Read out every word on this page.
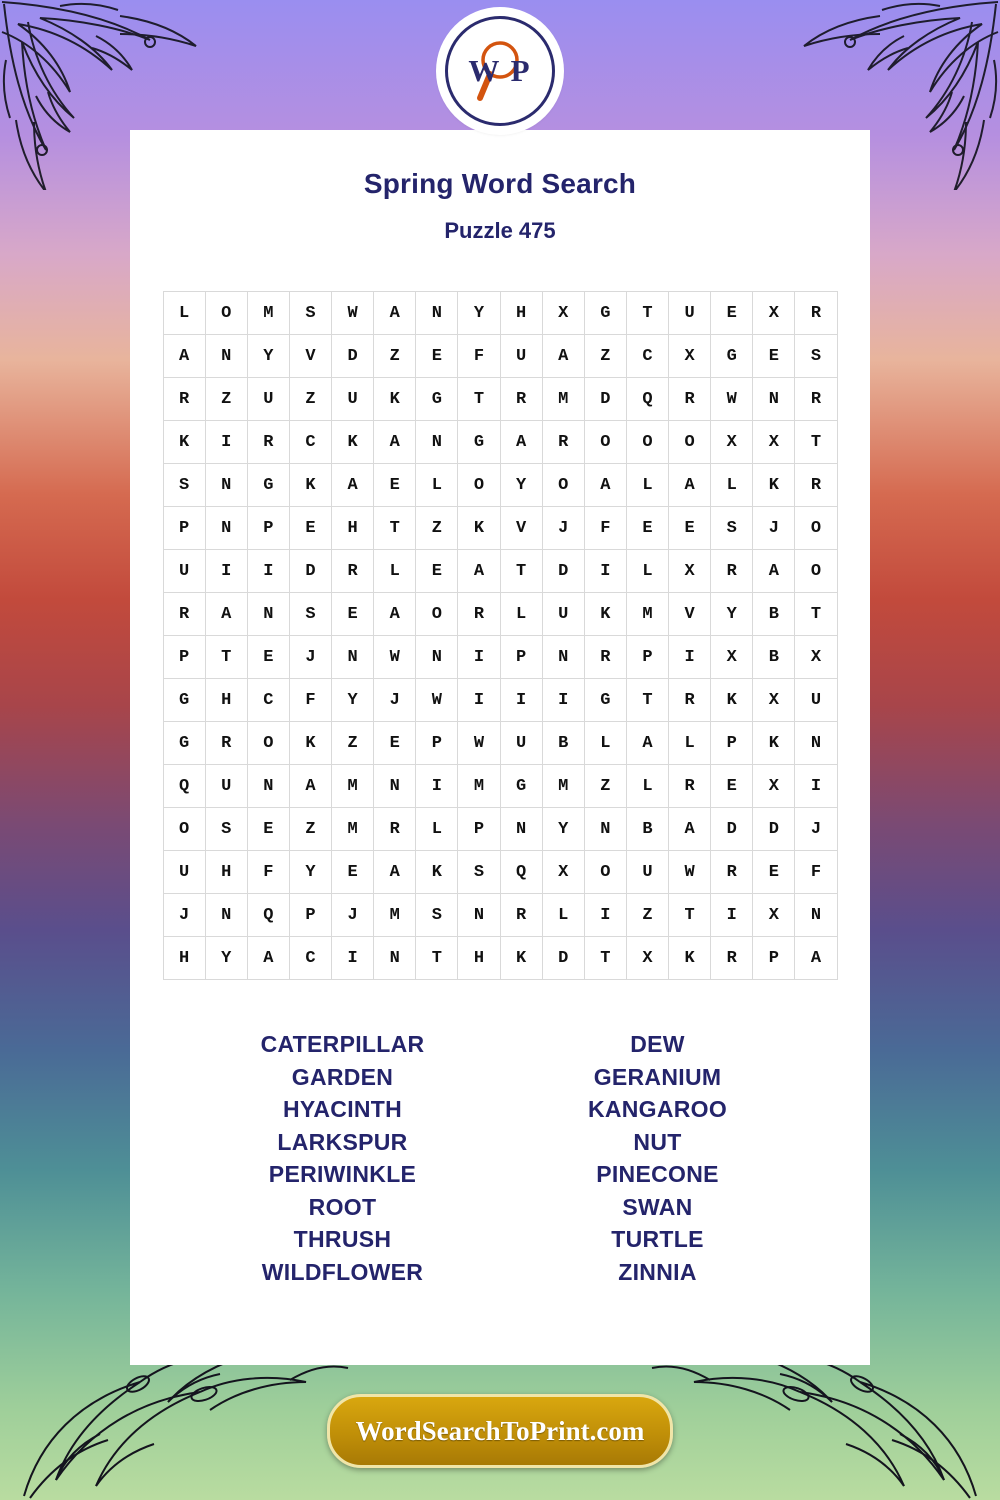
W P
Spring Word Search
Puzzle 475
L	O	M	S	W	A	N	Y	H	X	G	T	U	E	X	R
A	N	Y	V	D	Z	E	F	U	A	Z	C	X	G	E	S
R	Z	U	Z	U	K	G	T	R	M	D	Q	R	W	N	R
K	I	R	C	K	A	N	G	A	R	O	O	O	X	X	T
S	N	G	K	A	E	L	O	Y	O	A	L	A	L	K	R
P	N	P	E	H	T	Z	K	V	J	F	E	E	S	J	O
U	I	I	D	R	L	E	A	T	D	I	L	X	R	A	O
R	A	N	S	E	A	O	R	L	U	K	M	V	Y	B	T
P	T	E	J	N	W	N	I	P	N	R	P	I	X	B	X
G	H	C	F	Y	J	W	I	I	I	G	T	R	K	X	U
G	R	O	K	Z	E	P	W	U	B	L	A	L	P	K	N
Q	U	N	A	M	N	I	M	G	M	Z	L	R	E	X	I
O	S	E	Z	M	R	L	P	N	Y	N	B	A	D	D	J
U	H	F	Y	E	A	K	S	Q	X	O	U	W	R	E	F
J	N	Q	P	J	M	S	N	R	L	I	Z	T	I	X	N
H	Y	A	C	I	N	T	H	K	D	T	X	K	R	P	A
CATERPILLAR
GARDEN
HYACINTH
LARKSPUR
PERIWINKLE
ROOT
THRUSH
WILDFLOWER
DEW
GERANIUM
KANGAROO
NUT
PINECONE
SWAN
TURTLE
ZINNIA
WordSearchToPrint.com
